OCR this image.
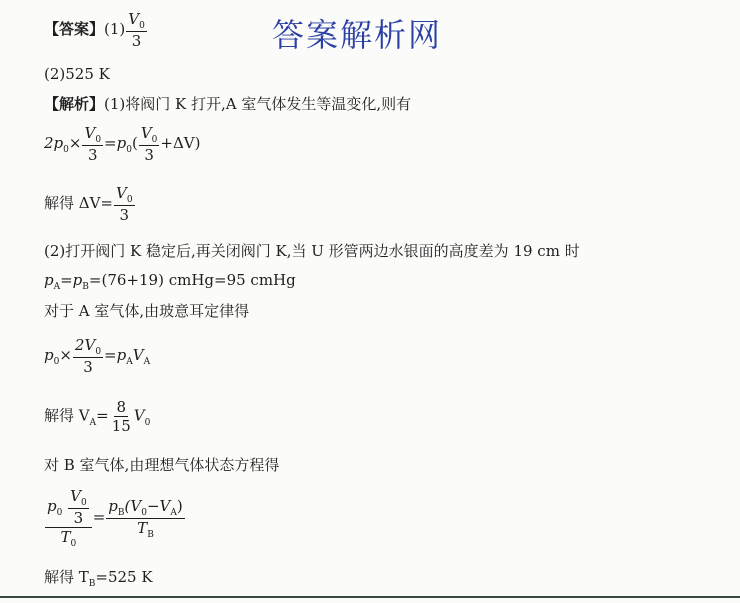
答案解析网
【答案】$(1) \frac{V_0}{3}$
(2)525 K
【解析】(1)将阀门 K 打开,A 室气体发生等温变化,则有
$2p_0\times \frac{V_0}{3} =p_0( \frac{V_0}{3} +\Delta V)$
解得 $\Delta V= \frac{V_0}{3}$
(2)打开阀门 K 稳定后,再关闭阀门 K,当 U 形管两边水银面的高度差为 19 cm 时
$p_A=p_B=(76+19)$ cmHg=95 cmHg
对于 A 室气体,由玻意耳定律得
$p_0\times \frac{2V_0}{3} =p_AV_A$
解得 $V_A= \frac{8}{15} V_0$
对 B 室气体,由理想气体状态方程得
$\frac{p_0 \frac{V_0}{3}}{T_0} = \frac{p_B(V_0-V_A)}{T_B}$
解得 $T_B=525$ K
